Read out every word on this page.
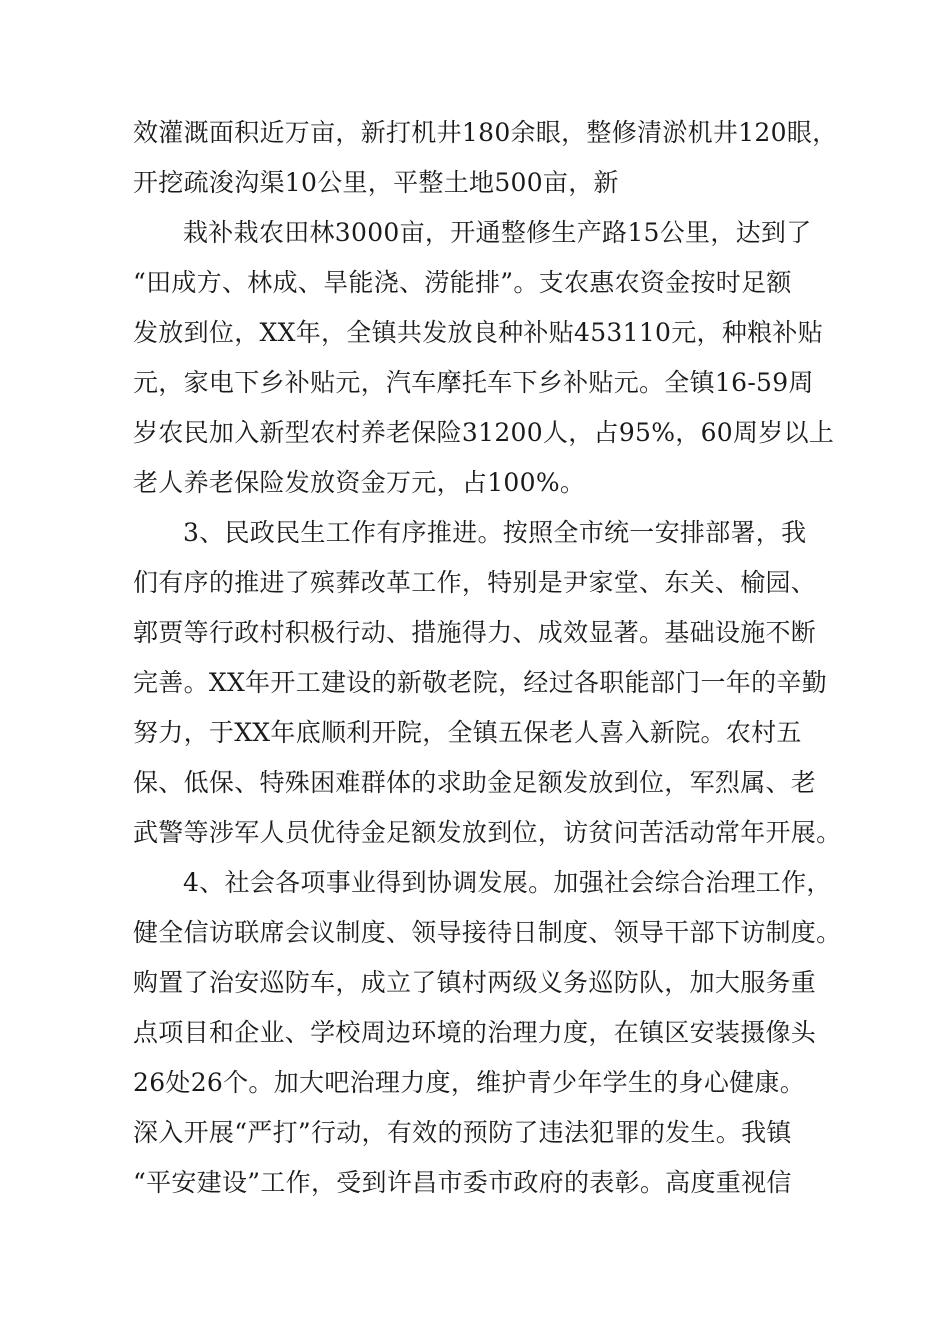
效灌溉面积近万亩，新打机井180余眼，整修清淤机井120眼，
开挖疏浚沟渠10公里，平整土地500亩，新
栽补栽农田林3000亩，开通整修生产路15公里，达到了
“田成方、林成、旱能浇、涝能排”。支农惠农资金按时足额
发放到位，XX年，全镇共发放良种补贴453110元，种粮补贴
元，家电下乡补贴元，汽车摩托车下乡补贴元。全镇16-59周
岁农民加入新型农村养老保险31200人，占95%，60周岁以上
老人养老保险发放资金万元，占100%。
3、民政民生工作有序推进。按照全市统一安排部署，我
们有序的推进了殡葬改革工作，特别是尹家堂、东关、榆园、
郭贾等行政村积极行动、措施得力、成效显著。基础设施不断
完善。XX年开工建设的新敬老院，经过各职能部门一年的辛勤
努力，于XX年底顺利开院，全镇五保老人喜入新院。农村五
保、低保、特殊困难群体的求助金足额发放到位，军烈属、老
武警等涉军人员优待金足额发放到位，访贫问苦活动常年开展。
4、社会各项事业得到协调发展。加强社会综合治理工作，
健全信访联席会议制度、领导接待日制度、领导干部下访制度。
购置了治安巡防车，成立了镇村两级义务巡防队，加大服务重
点项目和企业、学校周边环境的治理力度，在镇区安装摄像头
26处26个。加大吧治理力度，维护青少年学生的身心健康。
深入开展“严打”行动，有效的预防了违法犯罪的发生。我镇
“平安建设”工作，受到许昌市委市政府的表彰。高度重视信
